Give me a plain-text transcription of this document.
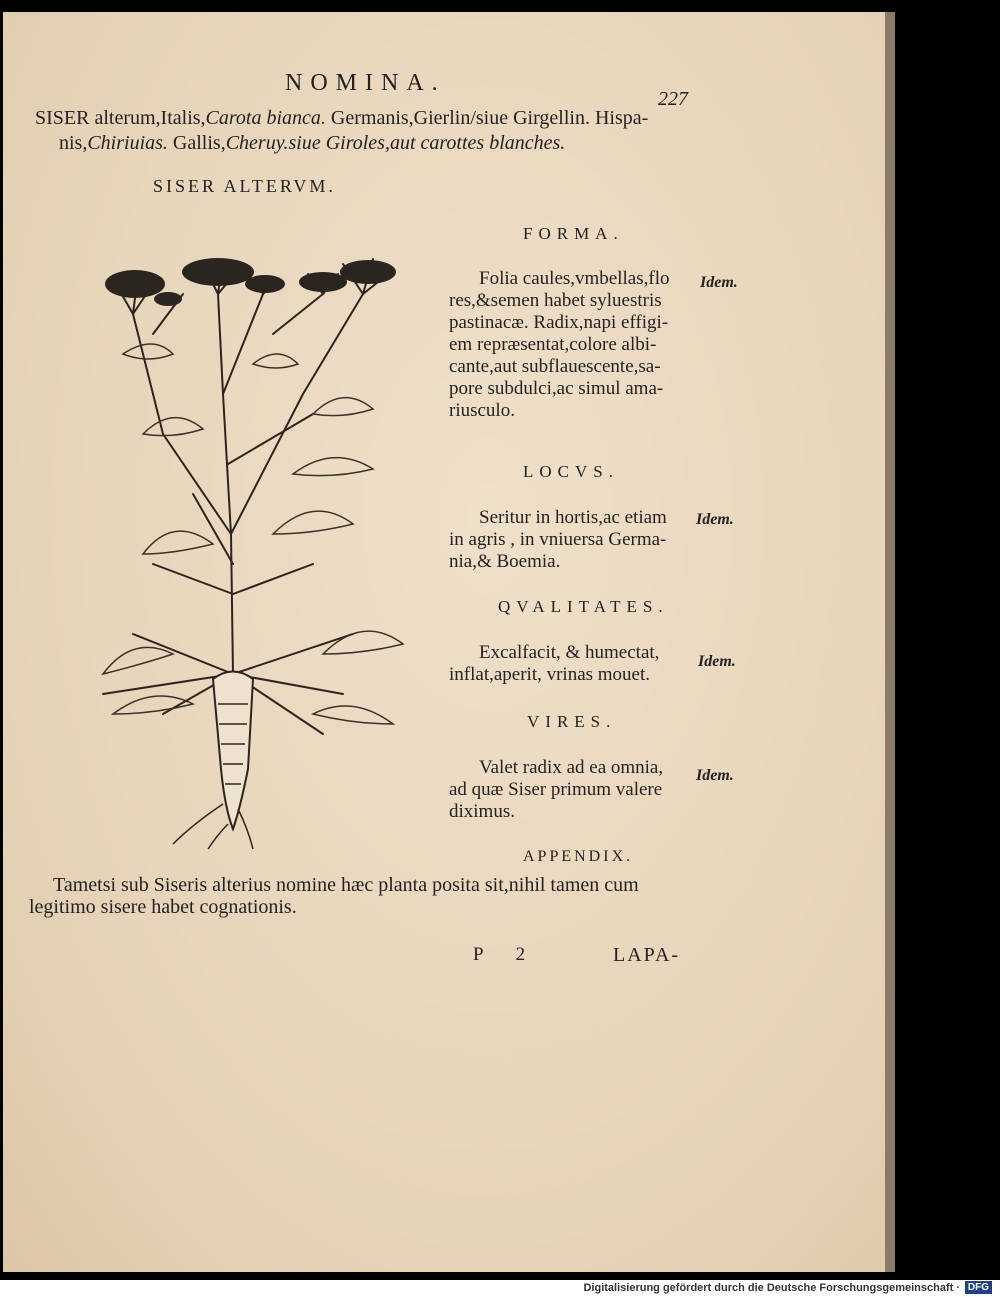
NOMINA.
227
SISER alterum,Italis,Carota bianca. Germanis,Gierlin/siue Girgellin. Hispa-
nis,Chiriuias. Gallis,Cheruy.siue Giroles,aut carottes blanches.
SISER ALTERVM.
FORMA.
Folia caules,vmbellas,flo
res,&semen habet syluestris
pastinacæ. Radix,napi effigi-
em repræsentat,colore albi-
cante,aut subflauescente,sa-
pore subdulci,ac simul ama-
riusculo.
Idem.
LOCVS.
Seritur in hortis,ac etiam
in agris , in vniuersa Germa-
nia,& Boemia.
Idem.
QVALITATES.
Excalfacit, & humectat,
inflat,aperit, vrinas mouet.
Idem.
VIRES.
Valet radix ad ea omnia,
ad quæ Siser primum valere
diximus.
Idem.
APPENDIX.
Tametsi sub Siseris alterius nomine hæc planta posita sit,nihil tamen cum
legitimo sisere habet cognationis.
P 2	LAPA-
Digitalisierung gefördert durch die Deutsche Forschungsgemeinschaft · DFG
